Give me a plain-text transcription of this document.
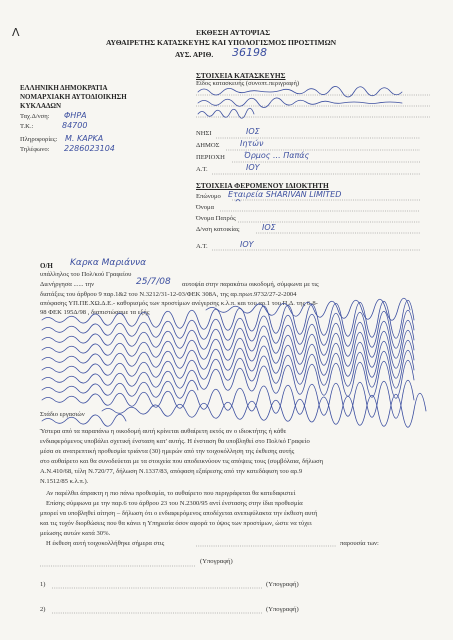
Λ	ΕΚΘΕΣΗ ΑΥΤΟΨΙΑΣ
ΑΥΘΑΙΡΕΤΗΣ ΚΑΤΑΣΚΕΥΗΣ ΚΑΙ ΥΠΟΛΟΓΙΣΜΟΣ ΠΡΟΣΤΙΜΩΝ
ΑΥΣ. ΑΡΙΘ. 36198
ΕΛΛΗΝΙΚΗ ΔΗΜΟΚΡΑΤΙΑ
ΝΟΜΑΡΧΙΑΚΗ ΑΥΤΟΔΙΟΙΚΗΣΗ
ΚΥΚΛΑΔΩΝ
Ταχ.Δ/νση: ΦΗΡΑ
Τ.Κ.:	84700
Πληροφορίες: Μ. ΚΑΡΚΑ
Τηλέφωνο: 2286023104
ΣΤΟΙΧΕΙΑ ΚΑΤΑΣΚΕΥΗΣ
Είδος κατασκευής (συνοπτ.περιγραφή)
ΝΗΣΙ	ΙΟΣ
ΔΗΜΟΣ	Ιητών
ΠΕΡΙΟΧΗ Όρμος ... Παπάς
Α.Τ.	ΙΟΥ
ΣΤΟΙΧΕΙΑ ΦΕΡΟΜΕΝΟΥ ΙΔΙΟΚΤΗΤΗ
Επώνυμο Εταιρεία SHARIVAN LIMITED
Όνομα
Όνομα Πατρός
Δ/νση κατοικίας	ΙΟΣ
Α.Τ.	ΙΟΥ
Ο/Η Καρκα Μαριάννα
υπάλληλος του Πολ/κού Γραφείου
Διενήργησα ...... την	25/7/08 αυτοψία στην παρακάτω οικοδομή, σύμφωνα με τις
διατάξεις του άρθρου 9 παρ.1&2 του Ν.3212/31-12-03/ΦΕΚ 308Α, της αρ.πρωτ.9732/27-2-2004
απόφασης ΥΠ.ΠΕ.ΧΩ.Δ.Ε.- καθορισμός των προστίμων ανέγερσης κ.λ.π. και του αρ.1 του Π.Δ. της 6-8-
98 ΦΕΚ 195Δ/98 , διαπιστώσαμε τα εξής
Στάδιο εργασιών
Ύστερα από τα παραπάνω η οικοδομή αυτή κρίνεται αυθαίρετη εκτός αν ο ιδιοκτήτης ή κάθε
ενδιαφερόμενος υποβάλει σχετική ένσταση κατ' αυτής. Η ένσταση θα υποβληθεί στο Πολ/κό Γραφείο
μέσα σε ανατρεπτική προθεσμία τριάντα (30) ημερών από την τοιχοκόλληση της έκθεσης αυτής
στο αυθαίρετο και θα συνοδεύεται με τα στοιχεία που αποδεικνύουν τις απόψεις τους (συμβόλαια, δήλωση
Α.Ν.410/68, τέλη Ν.720/77, δήλωση Ν.1337/83, απόφαση εξαίρεσης από την κατεδάφιση του αρ.9
Ν.1512/85 κ.λ.π.).
Αν παρέλθει άπρακτη η πιο πάνω προθεσμία, το αυθαίρετο που περιγράφεται θα κατεδαφιστεί
Επίσης σύμφωνα με την παρ.6 του άρθρου 23 του Ν.2300/95 αντί ένστασης στην ίδια προθεσμία
μπορεί να υποβληθεί αίτηση – δήλωση ότι ο ενδιαφερόμενος αποδέχεται ανεπιφύλακτα την έκθεση αυτή
και τις τυχόν διορθώσεις που θα κάνει η Υπηρεσία όσον αφορά το ύψος των προστίμων, ώστε να τύχει
μείωσης αυτών κατά 30%.
Η έκθεση αυτή τοιχοκολλήθηκε σήμερα στις	παρουσία των:
(Υπογραφή)
1)	(Υπογραφή)
2)	(Υπογραφή)
